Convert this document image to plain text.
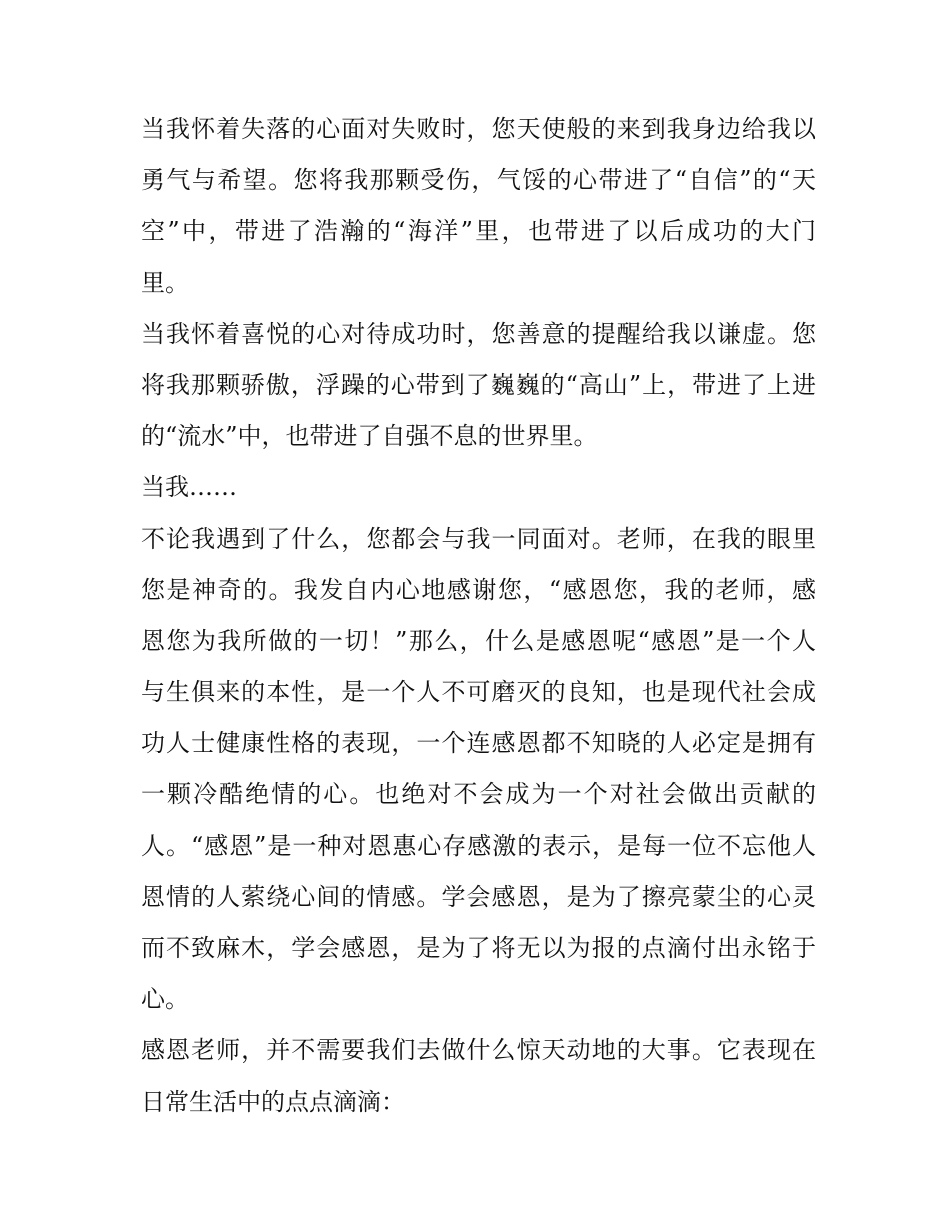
当我怀着失落的心面对失败时，您天使般的来到我身边给我以
勇气与希望。您将我那颗受伤，气馁的心带进了“自信”的“天
空”中，带进了浩瀚的“海洋”里，也带进了以后成功的大门
里。
当我怀着喜悦的心对待成功时，您善意的提醒给我以谦虚。您
将我那颗骄傲，浮躁的心带到了巍巍的“高山”上，带进了上进
的“流水”中，也带进了自强不息的世界里。
当我……
不论我遇到了什么，您都会与我一同面对。老师，在我的眼里
您是神奇的。我发自内心地感谢您，“感恩您，我的老师，感
恩您为我所做的一切！”那么，什么是感恩呢“感恩”是一个人
与生俱来的本性，是一个人不可磨灭的良知，也是现代社会成
功人士健康性格的表现，一个连感恩都不知晓的人必定是拥有
一颗冷酷绝情的心。也绝对不会成为一个对社会做出贡献的
人。“感恩”是一种对恩惠心存感激的表示，是每一位不忘他人
恩情的人萦绕心间的情感。学会感恩，是为了擦亮蒙尘的心灵
而不致麻木，学会感恩，是为了将无以为报的点滴付出永铭于
心。
感恩老师，并不需要我们去做什么惊天动地的大事。它表现在
日常生活中的点点滴滴：
